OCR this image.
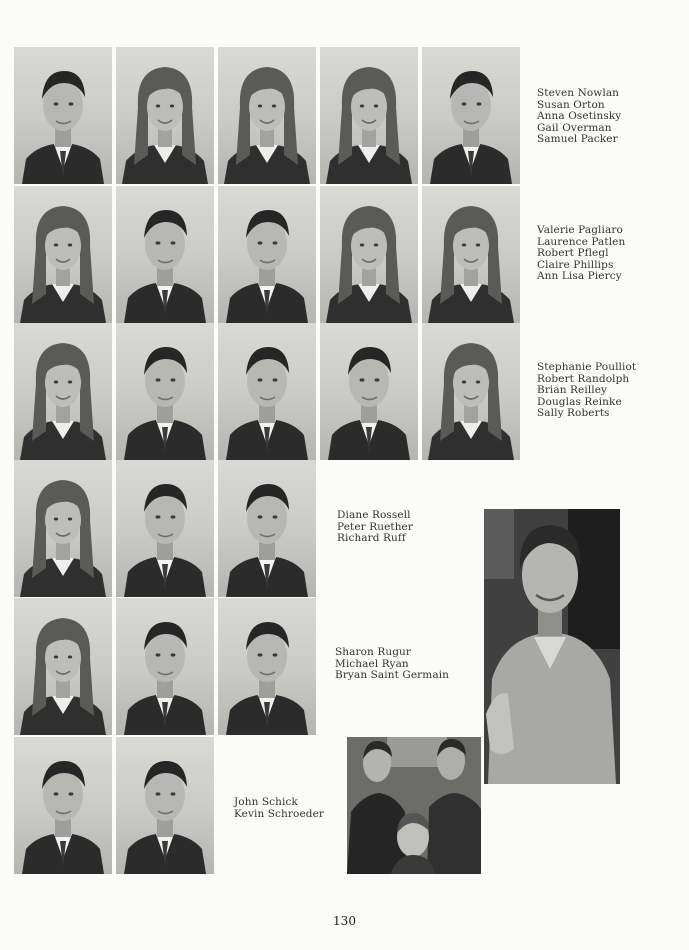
Steven Nowlan
Susan Orton
Anna Osetinsky
Gail Overman
Samuel Packer
Valerie Pagliaro
Laurence Patlen
Robert Pflegl
Claire Phillips
Ann Lisa Piercy
Stephanie Poulliot
Robert Randolph
Brian Reilley
Douglas Reinke
Sally Roberts
Diane Rossell
Peter Ruether
Richard Ruff
Sharon Rugur
Michael Ryan
Bryan Saint Germain
John Schick
Kevin Schroeder
130
